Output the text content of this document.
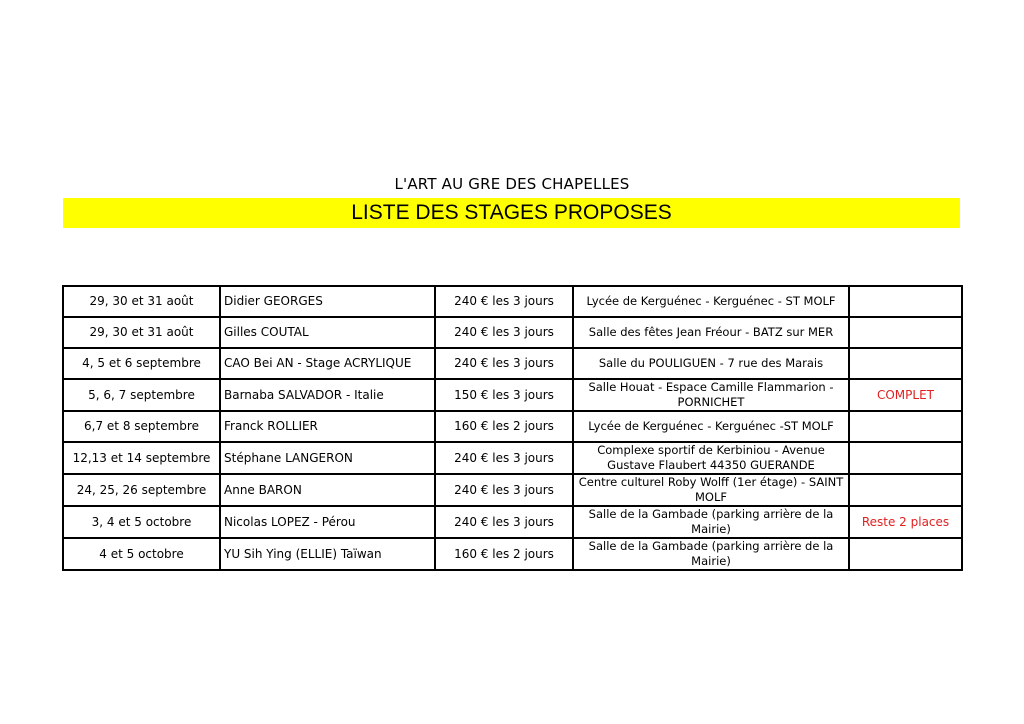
L'ART AU GRE DES CHAPELLES
LISTE DES STAGES PROPOSES
29, 30 et 31 août	Didier GEORGES	240 € les 3 jours	Lycée de Kerguénec - Kerguénec - ST MOLF	
29, 30 et 31 août	Gilles COUTAL	240 € les 3 jours	Salle des fêtes Jean Fréour - BATZ sur MER	
4, 5 et 6 septembre	CAO Bei AN - Stage ACRYLIQUE	240 € les 3 jours	Salle du POULIGUEN - 7 rue des Marais	
5, 6, 7 septembre	Barnaba SALVADOR - Italie	150 € les 3 jours	Salle Houat - Espace Camille Flammarion - PORNICHET	COMPLET
6,7 et 8 septembre	Franck ROLLIER	160 € les 2 jours	Lycée de Kerguénec - Kerguénec -ST MOLF	
12,13 et 14 septembre	Stéphane LANGERON	240 € les 3 jours	Complexe sportif de Kerbiniou - Avenue Gustave Flaubert 44350 GUERANDE	
24, 25, 26 septembre	Anne BARON	240 € les 3 jours	Centre culturel Roby Wolff (1er étage) - SAINT MOLF	
3, 4 et 5 octobre	Nicolas LOPEZ - Pérou	240 € les 3 jours	Salle de la Gambade (parking arrière de la Mairie)	Reste 2 places
4 et 5 octobre	YU Sih Ying (ELLIE) Taïwan	160 € les 2 jours	Salle de la Gambade (parking arrière de la Mairie)	
